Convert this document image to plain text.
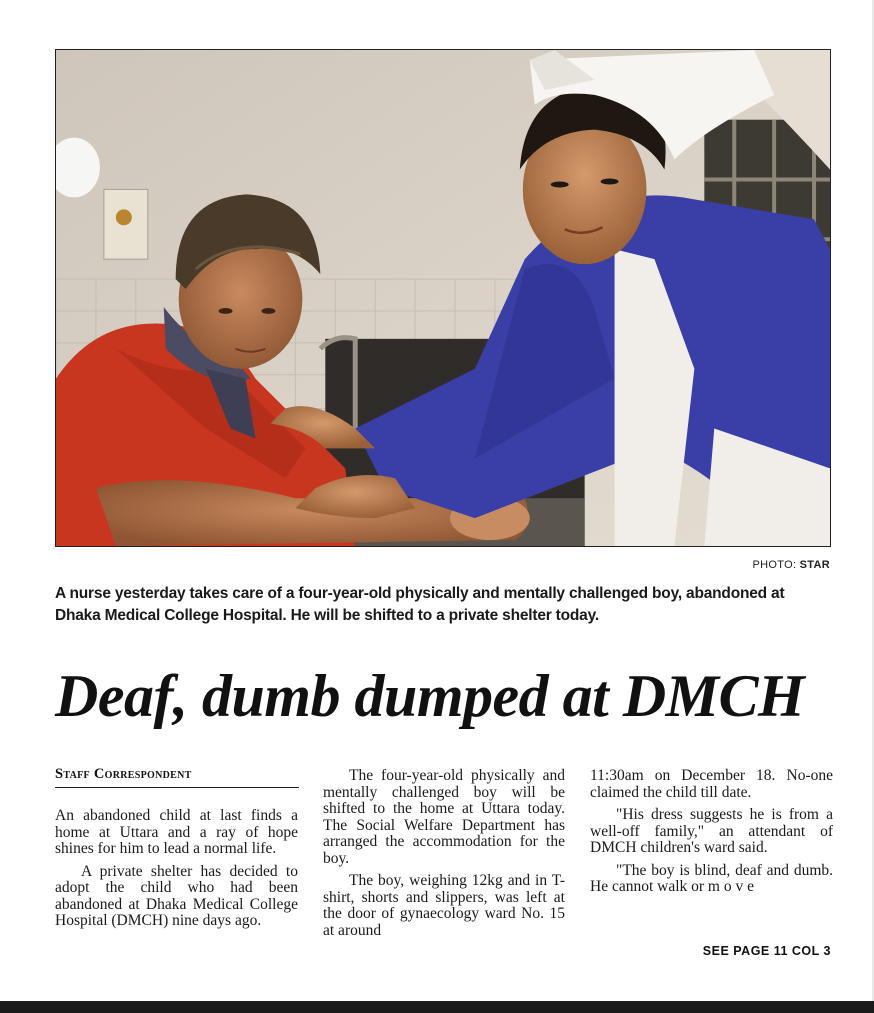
PHOTO: STAR
A nurse yesterday takes care of a four-year-old physically and mentally challenged boy, abandoned at Dhaka Medical College Hospital. He will be shifted to a private shelter today.
Deaf, dumb dumped at DMCH
Staff Correspondent

An abandoned child at last finds a home at Uttara and a ray of hope shines for him to lead a normal life.

A private shelter has decided to adopt the child who had been abandoned at Dhaka Medical College Hospital (DMCH) nine days ago.

The four-year-old physically and mentally challenged boy will be shifted to the home at Uttara today. The Social Welfare Department has arranged the accommodation for the boy.

The boy, weighing 12kg and in T-shirt, shorts and slippers, was left at the door of gynaecology ward No. 15 at around

11:30am on December 18. No-one claimed the child till date.

"His dress suggests he is from a well-off family," an attendant of DMCH children's ward said.

"The boy is blind, deaf and dumb. He cannot walk or m o v e

SEE PAGE 11 COL 3
